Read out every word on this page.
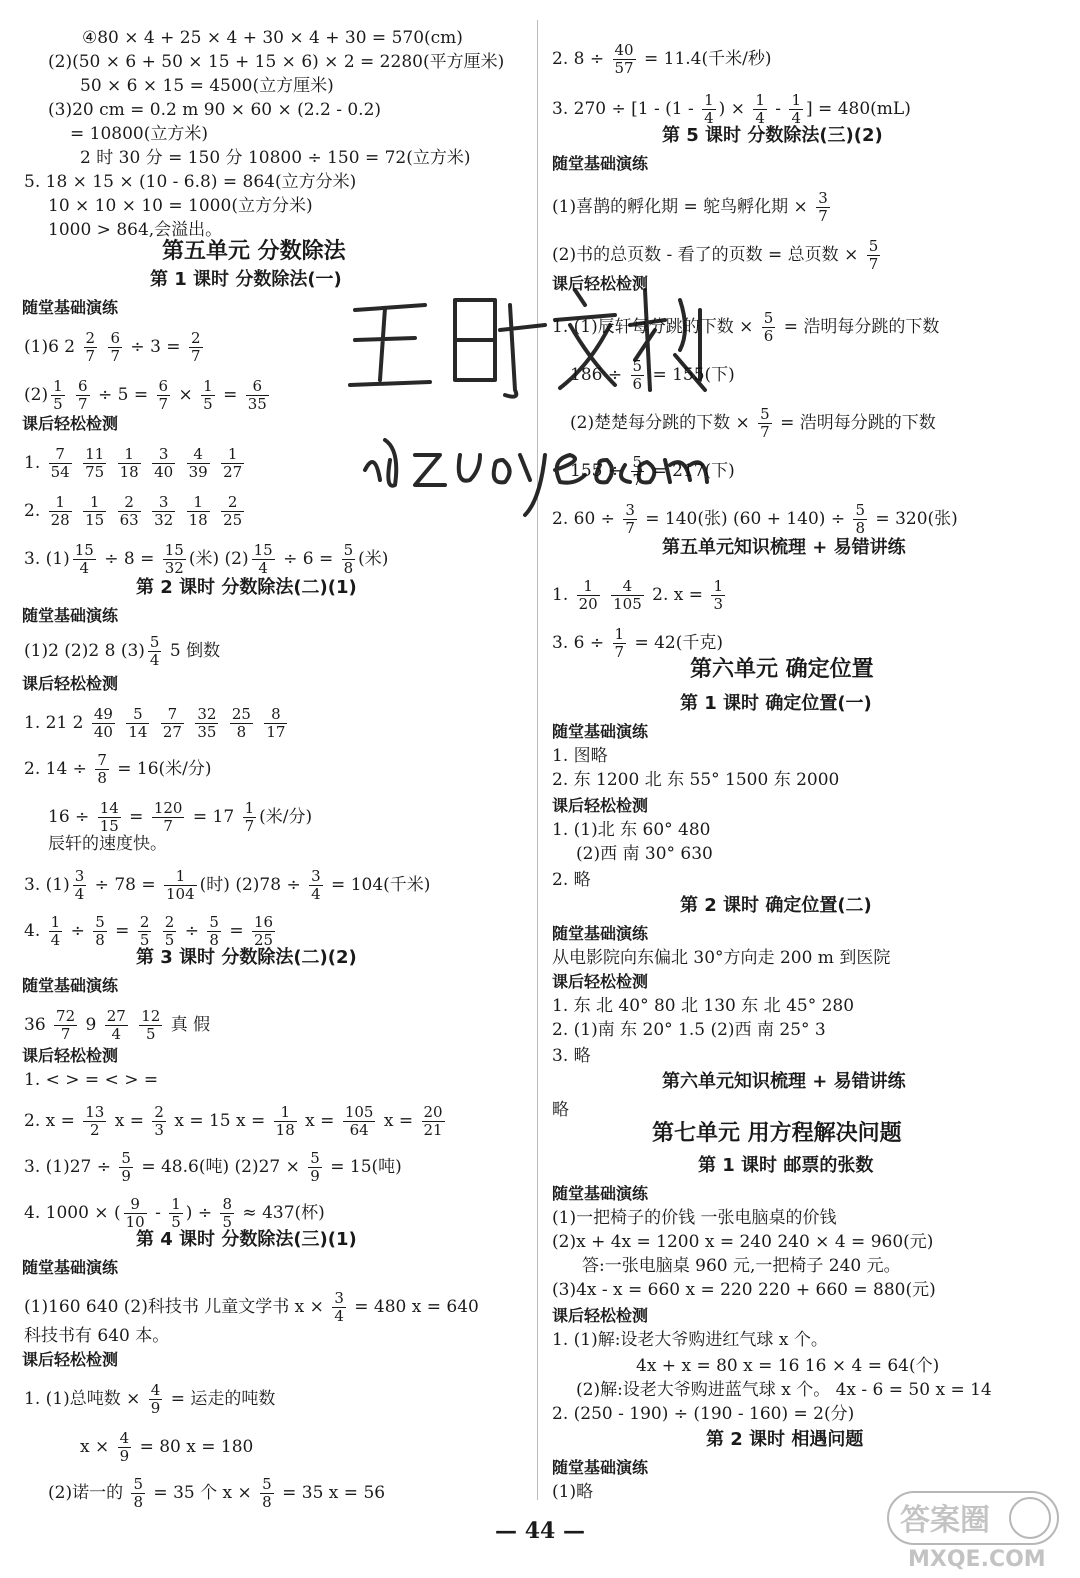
④80 × 4 + 25 × 4 + 30 × 4 + 30 = 570(cm)
(2)(50 × 6 + 50 × 15 + 15 × 6) × 2 = 2280(平方厘米)
50 × 6 × 15 = 4500(立方厘米)
(3)20 cm = 0.2 m 90 × 60 × (2.2 - 0.2)
= 10800(立方米)
2 时 30 分 = 150 分 10800 ÷ 150 = 72(立方米)
5. 18 × 15 × (10 - 6.8) = 864(立方分米)
10 × 10 × 10 = 1000(立方分米)
1000 > 864,会溢出。
第五单元 分数除法
第 1 课时 分数除法(一)
随堂基础演练
(1)6 $2 \frac{2}{7}$
$\frac{6}{7} \div 3 = \frac{2}{7}$
$(2) \frac{1}{5}$
$\frac{6}{7} \div 5 = \frac{6}{7} \times \frac{1}{5} = \frac{6}{35}$
课后轻松检测
1. $\frac{7}{54}$
$\frac{11}{75}$
$\frac{1}{18}$
$\frac{3}{40}$
$\frac{4}{39}$
$\frac{1}{27}$
2. $\frac{1}{28}$
$\frac{1}{15}$
$\frac{2}{63}$
$\frac{3}{32}$
$\frac{1}{18}$
$\frac{2}{25}$
3. $(1) \frac{15}{4} \div 8 = \frac{15}{32}$ (米) $(2) \frac{15}{4} \div 6 = \frac{5}{8}$ (米)
第 2 课时 分数除法(二)(1)
随堂基础演练
(1)2 (2)2 8 $(3) \frac{5}{4} 5$ 倒数
课后轻松检测
1. 21 $2 \frac{49}{40}$
$\frac{5}{14}$
$\frac{7}{27}$
$\frac{32}{35}$
$\frac{25}{8}$
$\frac{8}{17}$
2. $14 \div \frac{7}{8} = 16$(米/分)
$16 \div \frac{14}{15} = \frac{120}{7} = 17 \frac{1}{7}$ (米/分)
辰轩的速度快。
3. $(1) \frac{3}{4} \div 78 = \frac{1}{104}$ (时) $(2)78 \div \frac{3}{4} = 104$(千米)
4. $\frac{1}{4} \div \frac{5}{8} = \frac{2}{5}$
$\frac{2}{5} \div \frac{5}{8} = \frac{16}{25}$
第 3 课时 分数除法(二)(2)
随堂基础演练
$36 \frac{72}{7} 9 \frac{27}{4}$
$\frac{12}{5}$ 真 假
课后轻松检测
1. < > = < > =
2. $x = \frac{13}{2}$ $x = \frac{2}{3}$ x = 15 $x = \frac{1}{18}$ $x = \frac{105}{64}$ $x = \frac{20}{21}$
3. $(1)27 \div \frac{5}{9} = 48.6$(吨) $(2)27 \times \frac{5}{9} = 15$(吨)
4. 1000 × ( $\frac{9}{10} - \frac{1}{5}$ ) ÷ $\frac{8}{5} \approx 437$(杯)
第 4 课时 分数除法(三)(1)
随堂基础演练
(1)160 640 (2)科技书 儿童文学书 $x \times \frac{3}{4} = 480$ x = 640
科技书有 640 本。
课后轻松检测
1. (1)总吨数 × $\frac{4}{9}$ = 运走的吨数
$x \times \frac{4}{9} = 80$ x = 180
(2)诺一的 $\frac{5}{8} = 35$ 个 $x \times \frac{5}{8} = 35$ x = 56
2. $8 \div \frac{40}{57} = 11.4$(千米/秒)
3. $270 \div [1 - (1 - \frac{1}{4}$ ) × $\frac{1}{4} - \frac{1}{4}$ ] = 480(mL)
第 5 课时 分数除法(三)(2)
随堂基础演练
(1)喜鹊的孵化期 = 鸵鸟孵化期 × $\frac{3}{7}$
(2)书的总页数 - 看了的页数 = 总页数 × $\frac{5}{7}$
课后轻松检测
1. (1)辰轩每分跳的下数 × $\frac{5}{6}$ = 浩明每分跳的下数
$186 \div \frac{5}{6} = 155$(下)
(2)楚楚每分跳的下数 × $\frac{5}{7}$ = 浩明每分跳的下数
$155 \div \frac{5}{7} = 217$(下)
2. $60 \div \frac{3}{7} = 140$(张) $(60 + 140) \div \frac{5}{8} = 320$(张)
第五单元知识梳理 + 易错讲练
1. $\frac{1}{20}$
$\frac{4}{105} 2$. $x = \frac{1}{3}$
3. $6 \div \frac{1}{7} = 42$(千克)
第六单元 确定位置
第 1 课时 确定位置(一)
随堂基础演练
1. 图略
2. 东 1200 北 东 55° 1500 东 2000
课后轻松检测
1. (1)北 东 60° 480
(2)西 南 30° 630
2. 略
第 2 课时 确定位置(二)
随堂基础演练
从电影院向东偏北 30°方向走 200 m 到医院
课后轻松检测
1. 东 北 40° 80 北 130 东 北 45° 280
2. (1)南 东 20° 1.5 (2)西 南 25° 3
3. 略
第六单元知识梳理 + 易错讲练
略
第七单元 用方程解决问题
第 1 课时 邮票的张数
随堂基础演练
(1)一把椅子的价钱 一张电脑桌的价钱
(2)x + 4x = 1200 x = 240 240 × 4 = 960(元)
答:一张电脑桌 960 元,一把椅子 240 元。
(3)4x - x = 660 x = 220 220 + 660 = 880(元)
课后轻松检测
1. (1)解:设老大爷购进红气球 x 个。
4x + x = 80 x = 16 16 × 4 = 64(个)
(2)解:设老大爷购进蓝气球 x 个。 4x - 6 = 50 x = 14
2. (250 - 190) ÷ (190 - 160) = 2(分)
第 2 课时 相遇问题
随堂基础演练
(1)略
答案圈
MXQE.COM
— 44 —
